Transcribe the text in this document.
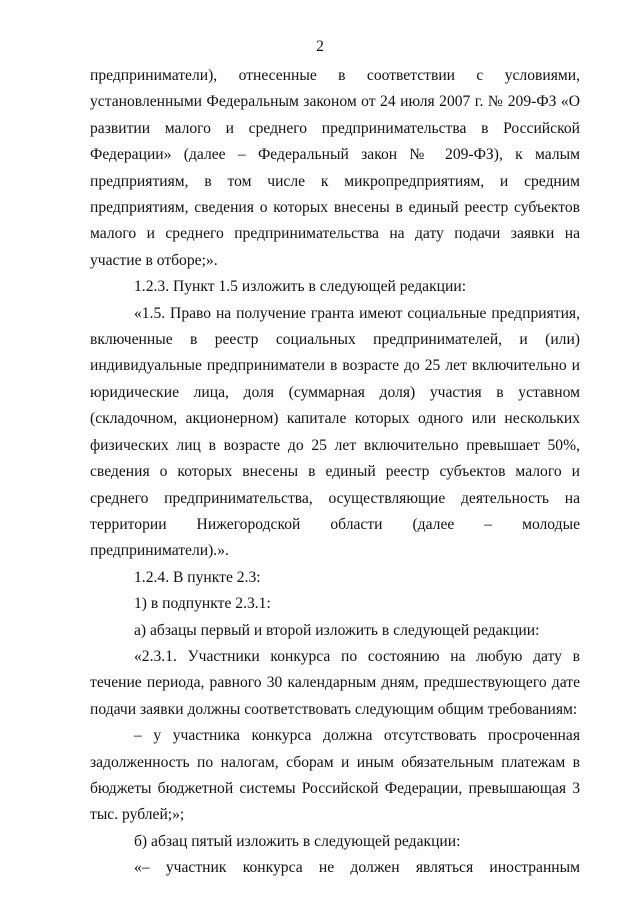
2

предприниматели), отнесенные в соответствии с условиями, установленными Федеральным законом от 24 июля 2007 г. № 209-ФЗ «О развитии малого и среднего предпринимательства в Российской Федерации» (далее – Федеральный закон № 209-ФЗ), к малым предприятиям, в том числе к микропредприятиям, и средним предприятиям, сведения о которых внесены в единый реестр субъектов малого и среднего предпринимательства на дату подачи заявки на участие в отборе;».

1.2.3. Пункт 1.5 изложить в следующей редакции:

«1.5. Право на получение гранта имеют социальные предприятия, включенные в реестр социальных предпринимателей, и (или) индивидуальные предприниматели в возрасте до 25 лет включительно и юридические лица, доля (суммарная доля) участия в уставном (складочном, акционерном) капитале которых одного или нескольких физических лиц в возрасте до 25 лет включительно превышает 50%, сведения о которых внесены в единый реестр субъектов малого и среднего предпринимательства, осуществляющие деятельность на территории Нижегородской области (далее – молодые предприниматели).».

1.2.4. В пункте 2.3:

1) в подпункте 2.3.1:

а) абзацы первый и второй изложить в следующей редакции:

«2.3.1. Участники конкурса по состоянию на любую дату в течение периода, равного 30 календарным дням, предшествующего дате подачи заявки должны соответствовать следующим общим требованиям:

– у участника конкурса должна отсутствовать просроченная задолженность по налогам, сборам и иным обязательным платежам в бюджеты бюджетной системы Российской Федерации, превышающая 3 тыс. рублей;»;

б) абзац пятый изложить в следующей редакции:

«– участник конкурса не должен являться иностранным
